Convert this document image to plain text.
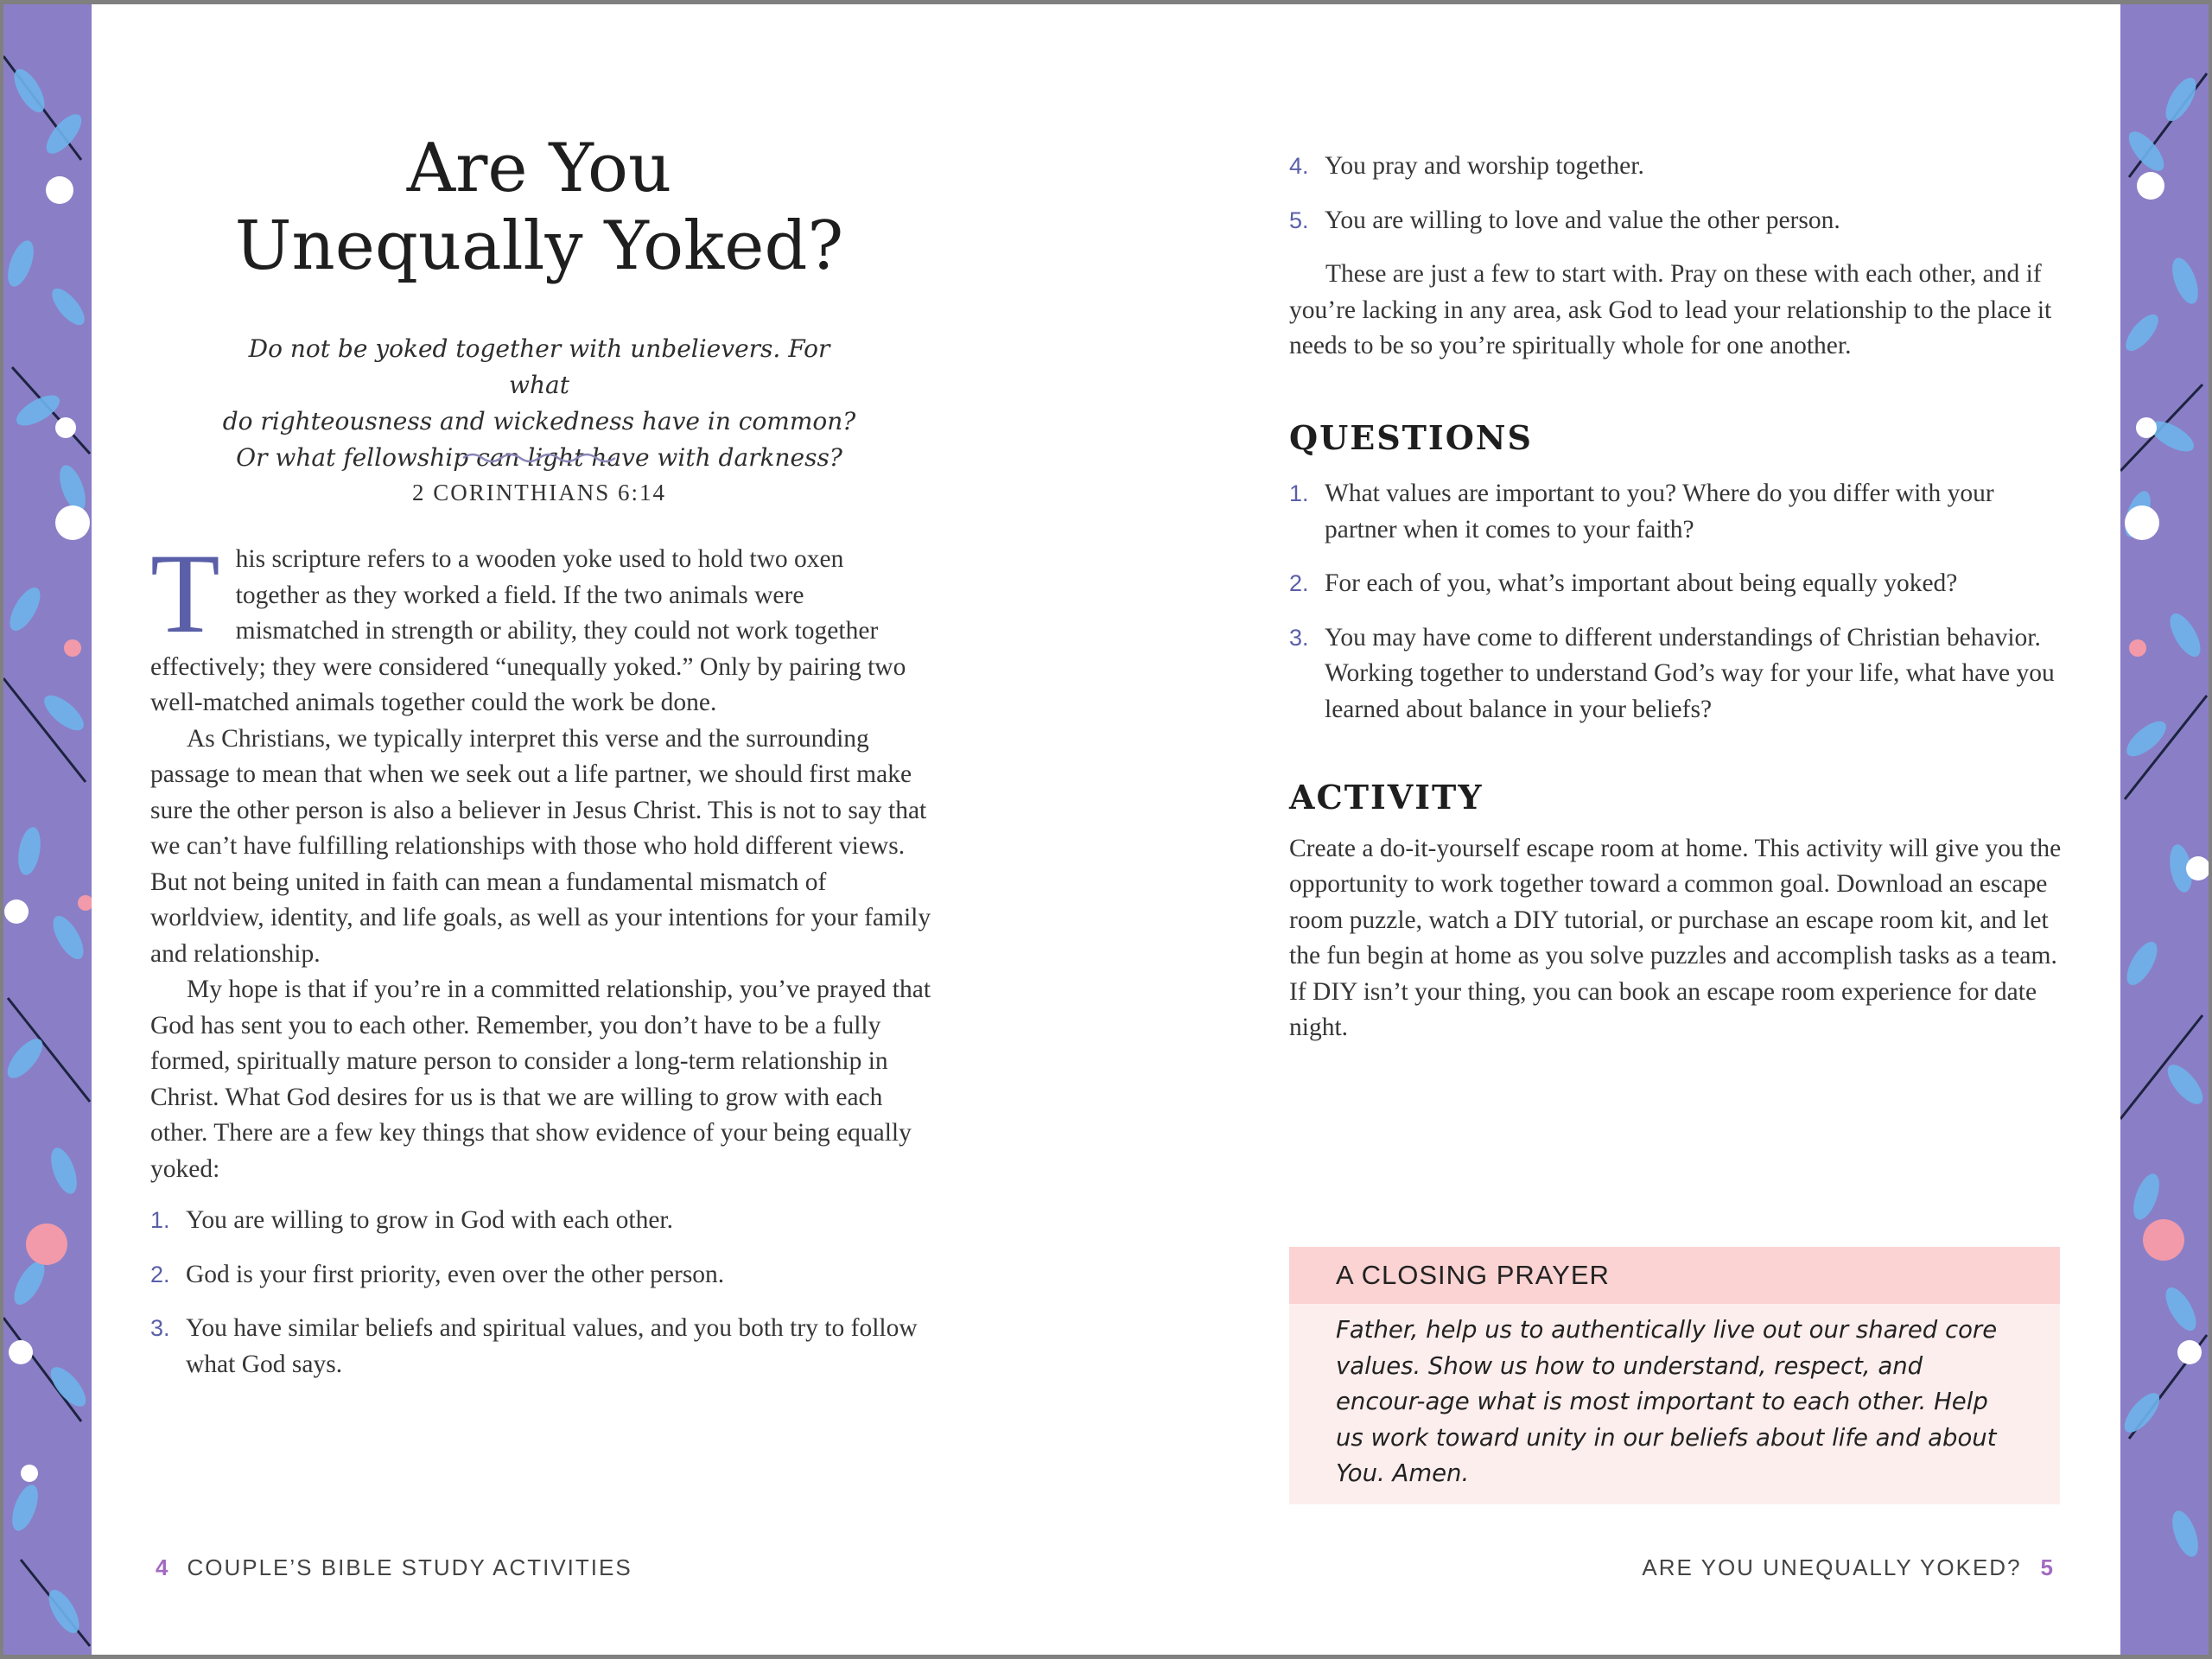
Are You
Unequally Yoked?
Do not be yoked together with unbelievers. For what
do righteousness and wickedness have in common?
Or what fellowship can light have with darkness?
2 CORINTHIANS 6:14

This scripture refers to a wooden yoke used to hold two oxen together as they worked a field. If the two animals were mismatched in strength or ability, they could not work together effectively; they were considered “unequally yoked.” Only by pairing two well-matched animals together could the work be done.

As Christians, we typically interpret this verse and the surrounding passage to mean that when we seek out a life partner, we should first make sure the other person is also a believer in Jesus Christ. This is not to say that we can’t have fulfilling relationships with those who hold different views. But not being united in faith can mean a fundamental mismatch of worldview, identity, and life goals, as well as your intentions for your family and relationship.

My hope is that if you’re in a committed relationship, you’ve prayed that God has sent you to each other. Remember, you don’t have to be a fully formed, spiritually mature person to consider a long-term relationship in Christ. What God desires for us is that we are willing to grow with each other. There are a few key things that show evidence of your being equally yoked:

1. You are willing to grow in God with each other.
2. God is your first priority, even over the other person.
3. You have similar beliefs and spiritual values, and you both try to follow what God says.
4 COUPLE’S BIBLE STUDY ACTIVITIES
4. You pray and worship together.
5. You are willing to love and value the other person.

These are just a few to start with. Pray on these with each other, and if you’re lacking in any area, ask God to lead your relationship to the place it needs to be so you’re spiritually whole for one another.

QUESTIONS
1. What values are important to you? Where do you differ with your partner when it comes to your faith?
2. For each of you, what’s important about being equally yoked?
3. You may have come to different understandings of Christian behavior. Working together to understand God’s way for your life, what have you learned about balance in your beliefs?
ACTIVITY

Create a do-it-yourself escape room at home. This activity will give you the opportunity to work together toward a common goal. Download an escape room puzzle, watch a DIY tutorial, or purchase an escape room kit, and let the fun begin at home as you solve puzzles and accomplish tasks as a team. If DIY isn’t your thing, you can book an escape room experience for date night.

A CLOSING PRAYER
Father, help us to authentically live out our shared core values. Show us how to understand, respect, and encour-age what is most important to each other. Help us work toward unity in our beliefs about life and about You. Amen.
ARE YOU UNEQUALLY YOKED? 5
